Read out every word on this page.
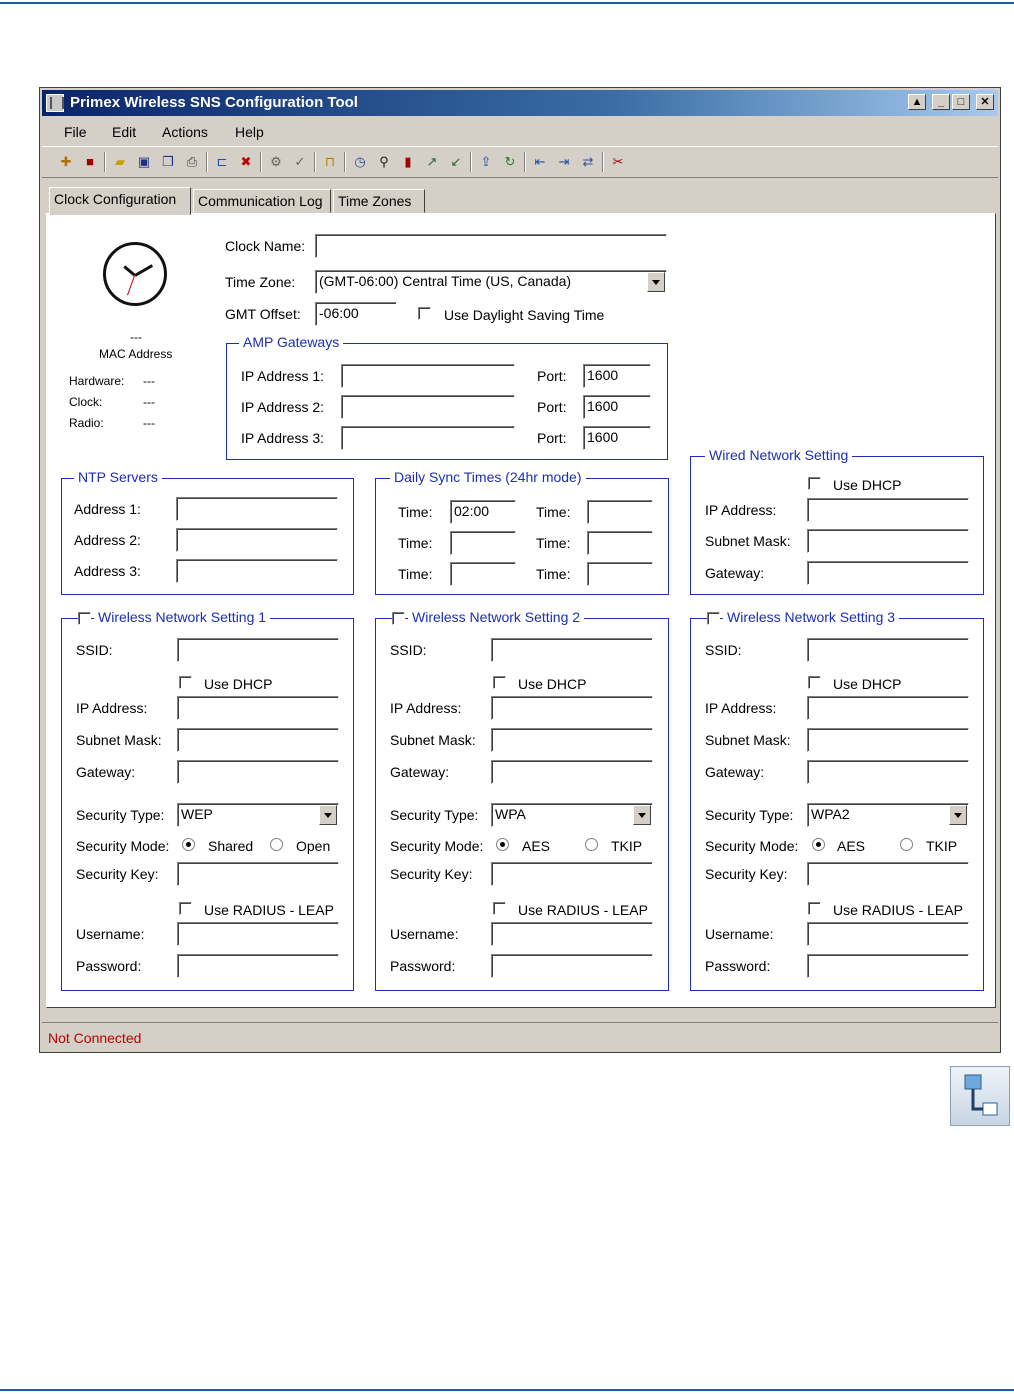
Primex Wireless SNS Configuration Tool	▲	_	□	✕
File Edit Actions Help
✚	■	▰ ▣ ❐ ⎙	⊏	✖	⚙ ✓	⊓	◷	⚲	▮	↗	↙	⇪	↻	⇤	⇥	⇄	✂
Clock Configuration	Communication Log	Time Zones
---
MAC Address
Hardware: ---
Clock:	---
Radio:	---
Clock Name:
Time Zone: (GMT-06:00) Central Time (US, Canada)
GMT Offset: -06:00	Use Daylight Saving Time
AMP Gateways
IP Address 1:	Port: 1600
IP Address 2:	Port: 1600
IP Address 3:	Port: 1600
NTP Servers
Address 1:
Address 2:
Address 3:
Daily Sync Times (24hr mode)
Time: 02:00	Time:
Time:	Time:
Time:	Time:
Wired Network Setting
Use DHCP
IP Address:
Subnet Mask:
Gateway:
Wireless Network Setting 1
SSID:
Use DHCP
IP Address:
Subnet Mask:
Gateway:
Security Type: WEP
Security Mode:	Shared	Open
Security Key:
Use RADIUS - LEAP
Username:
Password:
Wireless Network Setting 2
SSID:
Use DHCP
IP Address:
Subnet Mask:
Gateway:
Security Type: WPA
Security Mode:	AES	TKIP
Security Key:
Use RADIUS - LEAP
Username:
Password:
Wireless Network Setting 3
SSID:
Use DHCP
IP Address:
Subnet Mask:
Gateway:
Security Type: WPA2
Security Mode:	AES	TKIP
Security Key:
Use RADIUS - LEAP
Username:
Password:
Not Connected
